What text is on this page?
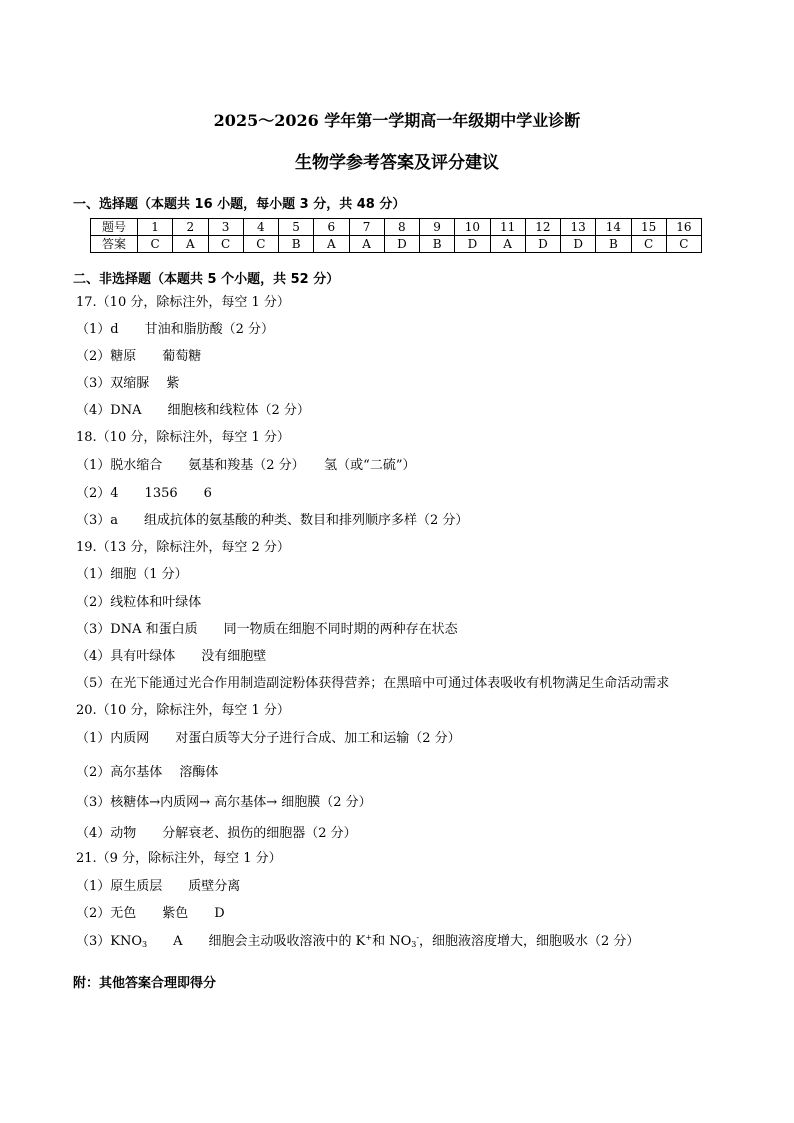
2025～2026 学年第一学期高一年级期中学业诊断
生物学参考答案及评分建议
一、选择题（本题共 16 小题，每小题 3 分，共 48 分）
题号	1	2	3	4	5	6	7	8	9	10	11	12	13	14	15	16
答案	C	A	C	C	B	A	A	D	B	D	A	D	D	B	C	C
二、非选择题（本题共 5 个小题，共 52 分）
17.（10 分，除标注外，每空 1 分）
（1）d　　甘油和脂肪酸（2 分）
（2）糖原　　葡萄糖
（3）双缩脲　 紫
（4）DNA　　细胞核和线粒体（2 分）
18.（10 分，除标注外，每空 1 分）
（1）脱水缩合　　氨基和羧基（2 分）　　氢（或“二硫”）
（2）4　　1356　　6
（3）a　　组成抗体的氨基酸的种类、数目和排列顺序多样（2 分）
19.（13 分，除标注外，每空 2 分）
（1）细胞（1 分）
（2）线粒体和叶绿体
（3）DNA 和蛋白质　　同一物质在细胞不同时期的两种存在状态
（4）具有叶绿体　　没有细胞壁
（5）在光下能通过光合作用制造副淀粉体获得营养；在黑暗中可通过体表吸收有机物满足生命活动需求
20.（10 分，除标注外，每空 1 分）
（1）内质网　　对蛋白质等大分子进行合成、加工和运输（2 分）
（2）高尔基体　 溶酶体
（3）核糖体→内质网→ 高尔基体→ 细胞膜（2 分）
（4）动物　　分解衰老、损伤的细胞器（2 分）
21.（9 分，除标注外，每空 1 分）
（1）原生质层　　质壁分离
（2）无色　　紫色　　D
$(3)KNO_3$　　A　　细胞会主动吸收溶液中的 K+和 $NO_3^-$，细胞液溶度增大，细胞吸水（2 分）
附：其他答案合理即得分
